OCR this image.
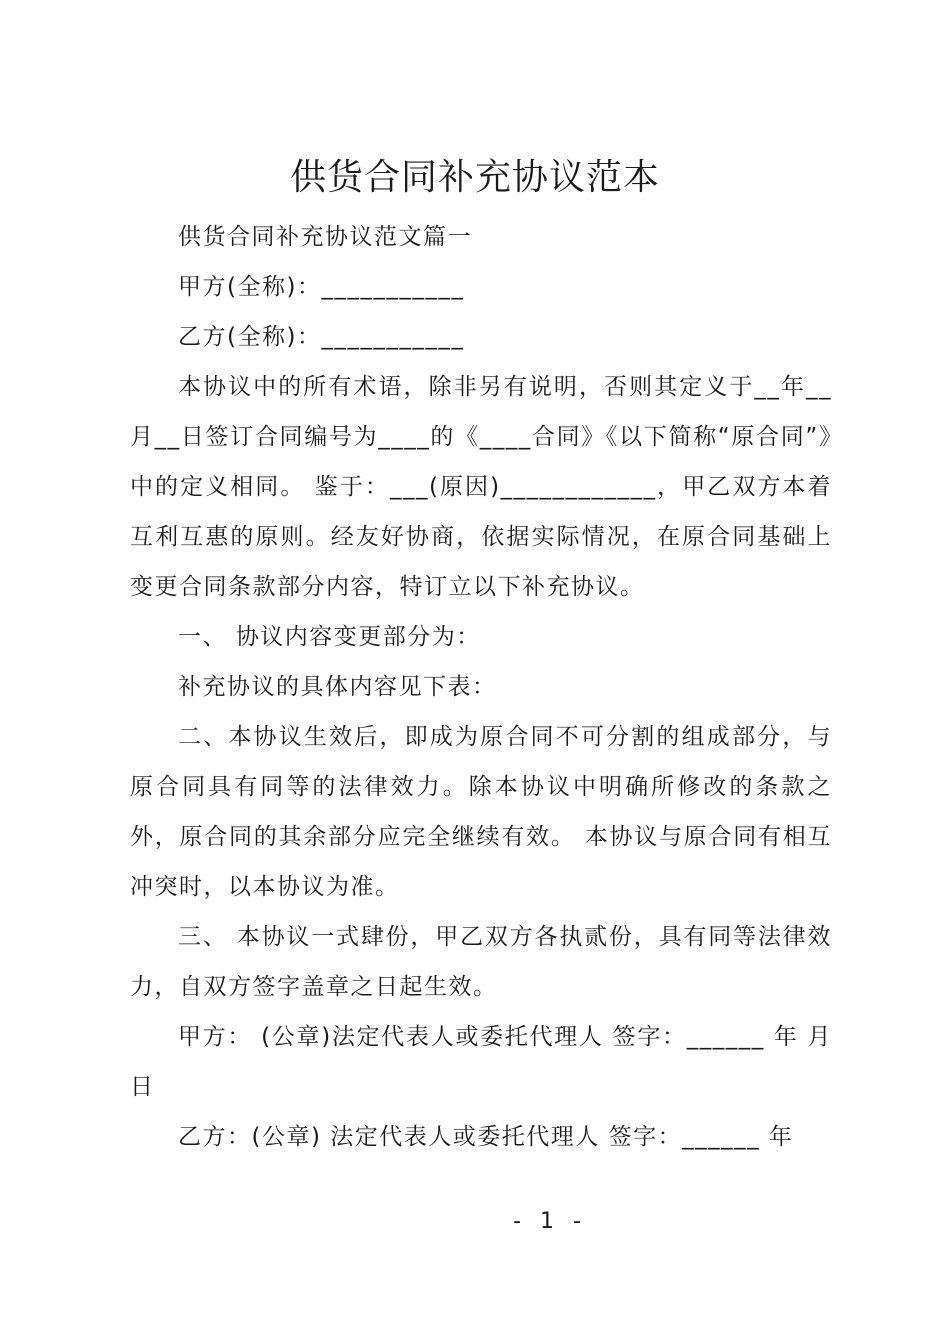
供货合同补充协议范本

供货合同补充协议范文篇一

甲方(全称)：___________

乙方(全称)：___________

本协议中的所有术语，除非另有说明，否则其定义于__年__月__日签订合同编号为____的《____合同》《以下简称“原合同”》中的定义相同。 鉴于：___(原因)____________，甲乙双方本着互利互惠的原则。经友好协商，依据实际情况，在原合同基础上变更合同条款部分内容，特订立以下补充协议。

一、 协议内容变更部分为：

补充协议的具体内容见下表：

二、本协议生效后，即成为原合同不可分割的组成部分，与原合同具有同等的法律效力。除本协议中明确所修改的条款之外，原合同的其余部分应完全继续有效。 本协议与原合同有相互冲突时，以本协议为准。

三、 本协议一式肆份，甲乙双方各执贰份，具有同等法律效力，自双方签字盖章之日起生效。

甲方： (公章)法定代表人或委托代理人 签字：______ 年 月 日

乙方：(公章) 法定代表人或委托代理人 签字：______ 年

- 1 -
